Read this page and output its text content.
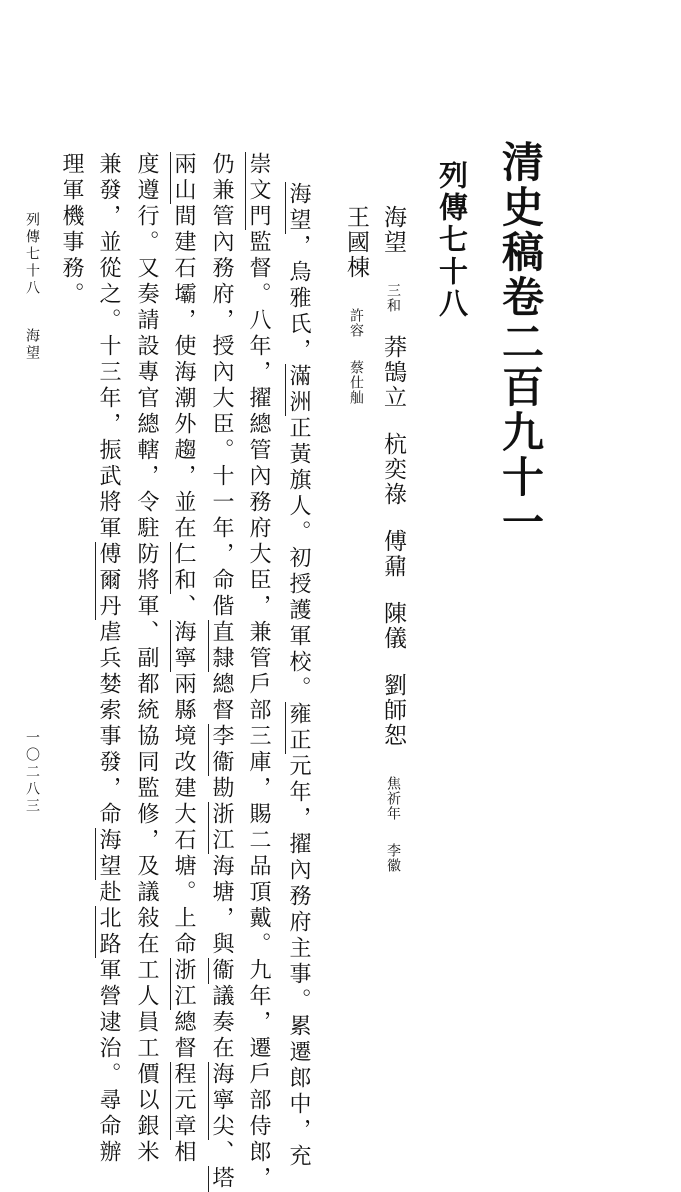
清史稿卷二百九十一
列傳七十八
海望 三和莽鵠立杭奕祿傅鼐陳儀劉師恕 焦祈年李徽
王國棟 許容蔡仕舢
海望，烏雅氏，滿洲正黃旗人。初授護軍校。雍正元年，擢內務府主事。累遷郎中，充
崇文門監督。八年，擢總管內務府大臣，兼管戶部三庫，賜二品頂戴。九年，遷戶部侍郎，
仍兼管內務府，授內大臣。十一年，命偕直隸總督李衞勘浙江海塘，與衞議奏在海寧尖、塔
兩山間建石壩，使海潮外趨，並在仁和、海寧兩縣境改建大石塘。上命浙江總督程元章相
度遵行。又奏請設專官總轄，令駐防將軍、副都統協同監修，及議敍在工人員工價以銀米
兼發，並從之。十三年，振武將軍傅爾丹虐兵婪索事發，命海望赴北路軍營逮治。尋命辦
理軍機事務。
列傳七十八
海望
一〇二八三
